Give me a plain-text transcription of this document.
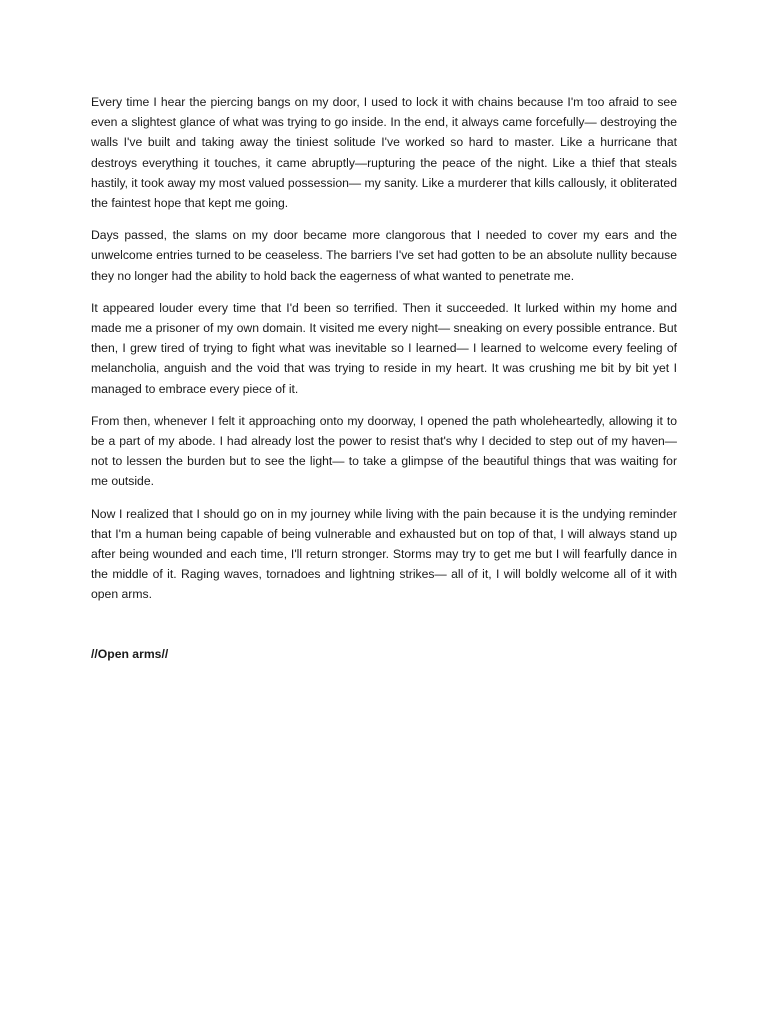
Every time I hear the piercing bangs on my door, I used to lock it with chains because I'm too afraid to see even a slightest glance of what was trying to go inside. In the end, it always came forcefully— destroying the walls I've built and taking away the tiniest solitude I've worked so hard to master. Like a hurricane that destroys everything it touches, it came abruptly—rupturing the peace of the night. Like a thief that steals hastily, it took away my most valued possession— my sanity. Like a murderer that kills callously, it obliterated the faintest hope that kept me going.

Days passed, the slams on my door became more clangorous that I needed to cover my ears and the unwelcome entries turned to be ceaseless. The barriers I've set had gotten to be an absolute nullity because they no longer had the ability to hold back the eagerness of what wanted to penetrate me.

It appeared louder every time that I'd been so terrified. Then it succeeded. It lurked within my home and made me a prisoner of my own domain. It visited me every night— sneaking on every possible entrance. But then, I grew tired of trying to fight what was inevitable so I learned— I learned to welcome every feeling of melancholia, anguish and the void that was trying to reside in my heart. It was crushing me bit by bit yet I managed to embrace every piece of it.

From then, whenever I felt it approaching onto my doorway, I opened the path wholeheartedly, allowing it to be a part of my abode. I had already lost the power to resist that's why I decided to step out of my haven— not to lessen the burden but to see the light— to take a glimpse of the beautiful things that was waiting for me outside.

Now I realized that I should go on in my journey while living with the pain because it is the undying reminder that I'm a human being capable of being vulnerable and exhausted but on top of that, I will always stand up after being wounded and each time, I'll return stronger. Storms may try to get me but I will fearfully dance in the middle of it. Raging waves, tornadoes and lightning strikes— all of it, I will boldly welcome all of it with open arms.

//Open arms//
